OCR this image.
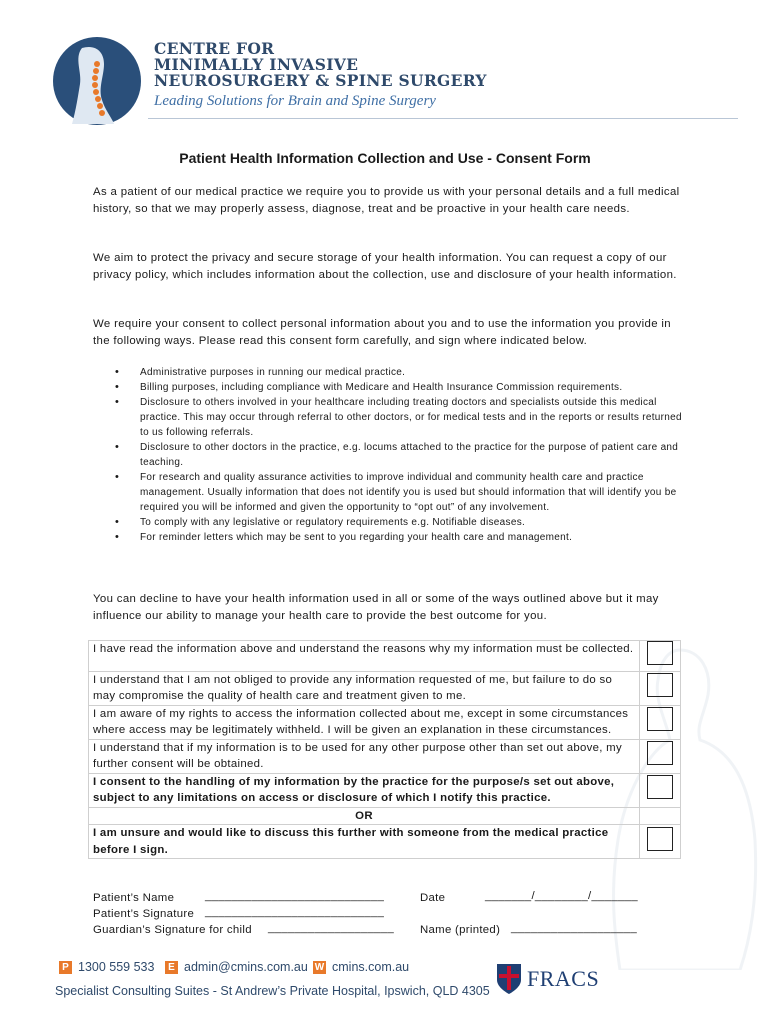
CENTRE FOR
MINIMALLY INVASIVE
NEUROSURGERY & SPINE SURGERY
Leading Solutions for Brain and Spine Surgery
Patient Health Information Collection and Use - Consent Form
As a patient of our medical practice we require you to provide us with your personal details and a full medical history, so that we may properly assess, diagnose, treat and be proactive in your health care needs.
We aim to protect the privacy and secure storage of your health information. You can request a copy of our privacy policy, which includes information about the collection, use and disclosure of your health information.
We require your consent to collect personal information about you and to use the information you provide in the following ways. Please read this consent form carefully, and sign where indicated below.
• Administrative purposes in running our medical practice.
• Billing purposes, including compliance with Medicare and Health Insurance Commission requirements.
• Disclosure to others involved in your healthcare including treating doctors and specialists outside this medical practice. This may occur through referral to other doctors, or for medical tests and in the reports or results returned to us following referrals.
• Disclosure to other doctors in the practice, e.g. locums attached to the practice for the purpose of patient care and teaching.
• For research and quality assurance activities to improve individual and community health care and practice management. Usually information that does not identify you is used but should information that will identify you be required you will be informed and given the opportunity to “opt out” of any involvement.
• To comply with any legislative or regulatory requirements e.g. Notifiable diseases.
• For reminder letters which may be sent to you regarding your health care and management.
You can decline to have your health information used in all or some of the ways outlined above but it may influence our ability to manage your health care to provide the best outcome for you.
I have read the information above and understand the reasons why my information must be collected.	
I understand that I am not obliged to provide any information requested of me, but failure to do so may compromise the quality of health care and treatment given to me.	
I am aware of my rights to access the information collected about me, except in some circumstances where access may be legitimately withheld. I will be given an explanation in these circumstances.	
I understand that if my information is to be used for any other purpose other than set out above, my further consent will be obtained.	
I consent to the handling of my information by the practice for the purpose/s set out above, subject to any limitations on access or disclosure of which I notify this practice.	
OR	
I am unsure and would like to discuss this further with someone from the medical practice before I sign.	
Patient’s Name	___________________________	Date	_______/________/_______
Patient’s Signature ___________________________
Guardian’s Signature for child ___________________ Name (printed) ___________________
P 1300 559 533	E admin@cmins.com.au W cmins.com.au
Specialist Consulting Suites - St Andrew’s Private Hospital, Ipswich, QLD 4305 FRACS
